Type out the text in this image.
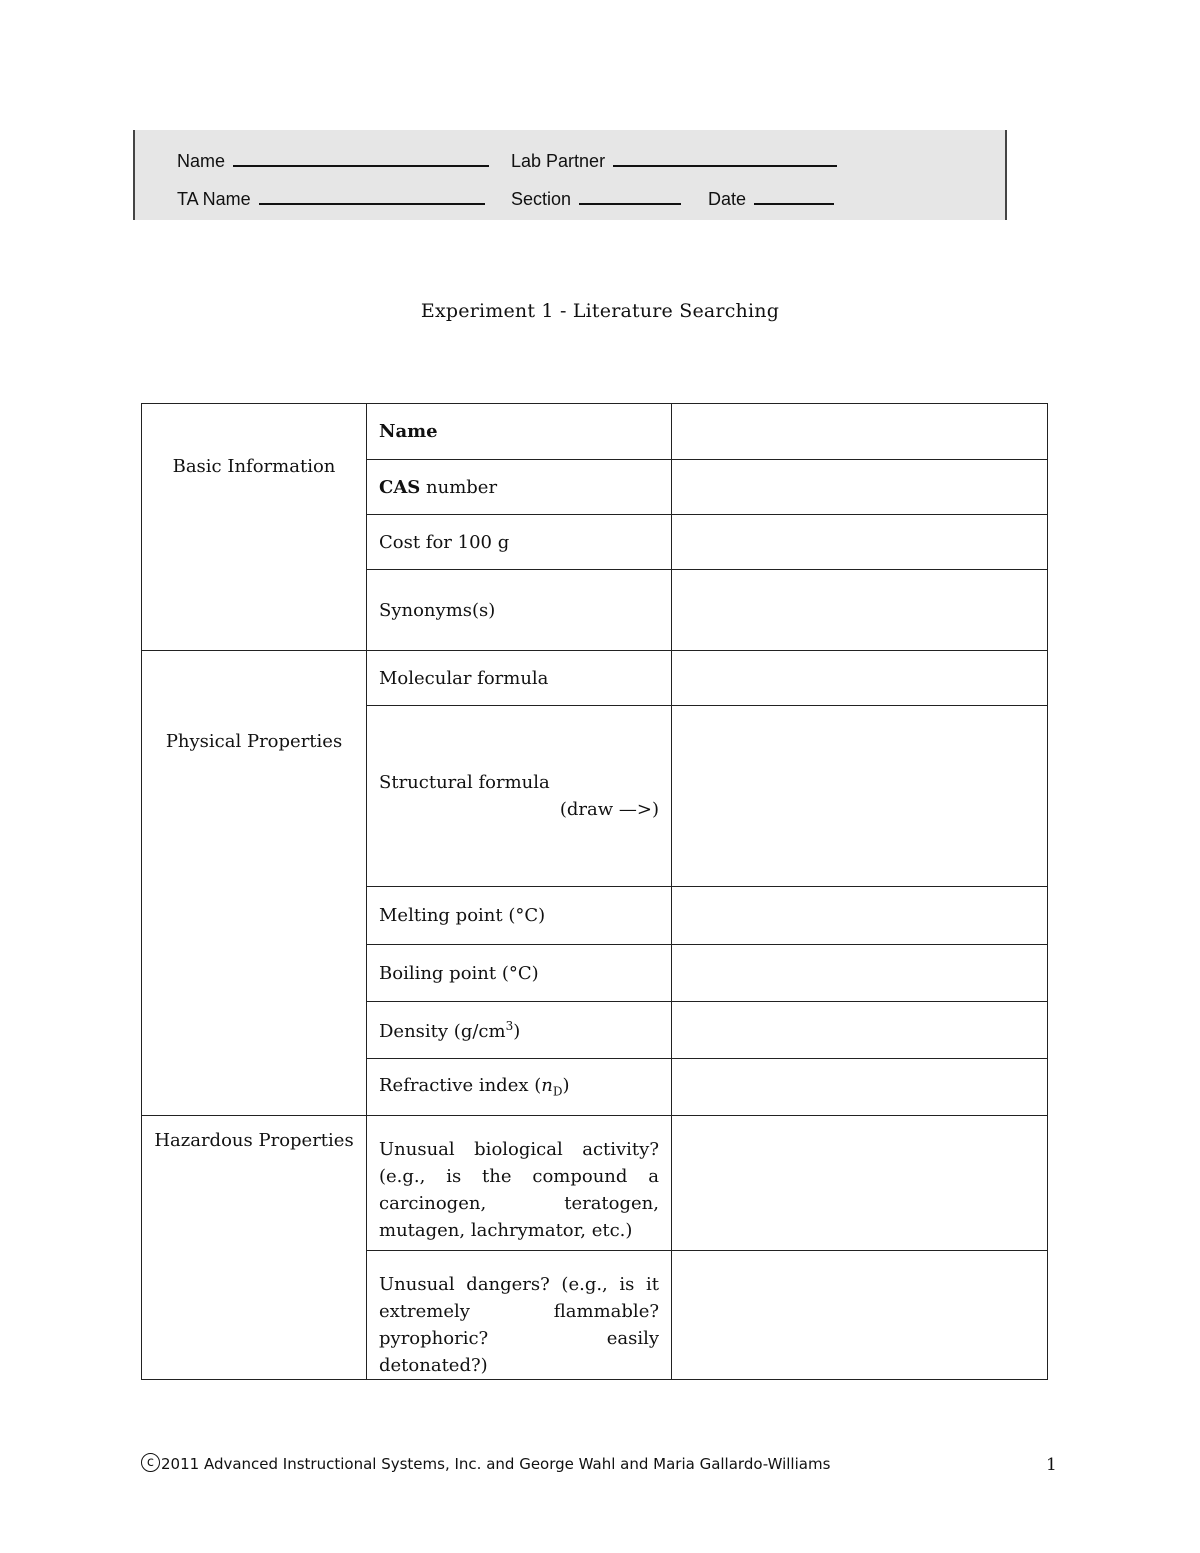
Name	Lab Partner
TA Name	Section	Date
Experiment 1 - Literature Searching
Basic Information	Name	
	CAS number	
	Cost for 100 g	
	Synonyms(s)	
Physical Properties	Molecular formula	

	Structural formula
(draw —>)	

	Melting point (°C)	
	Boiling point (°C)	
	Density $(g/cm^3)$	
	Refractive index $(n_D)$	
Hazardous Properties	Unusual biological activity? (e.g., is the compound a carcinogen, teratogen, mutagen, lachrymator, etc.)	
	Unusual dangers? (e.g., is it extremely flammable? pyrophoric? easily detonated?)	
c 2011 Advanced Instructional Systems, Inc. and George Wahl and Maria Gallardo-Williams	1
